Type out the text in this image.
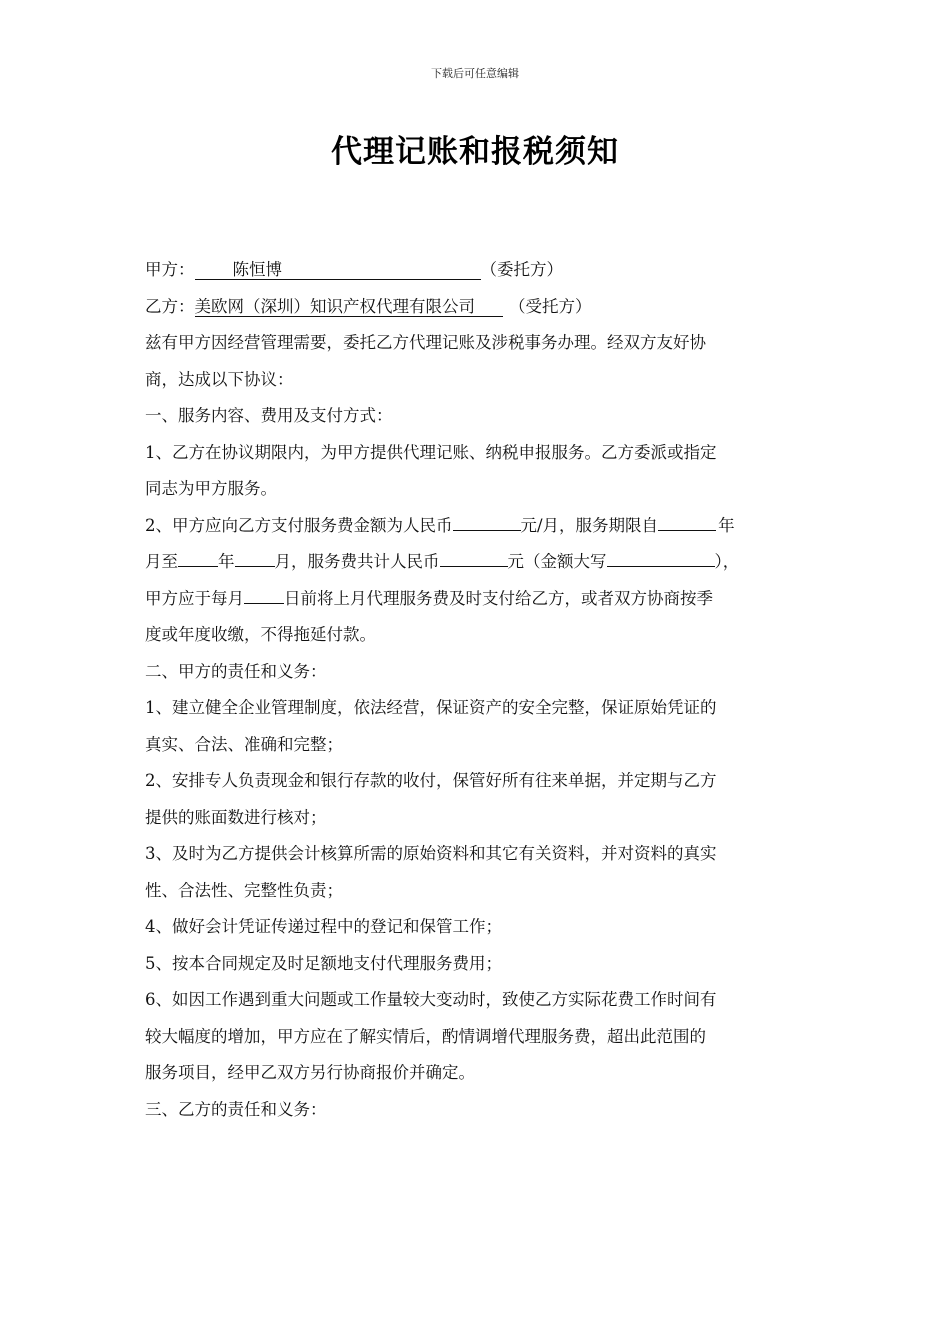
下载后可任意编辑
代理记账和报税须知
甲方： 陈恒博	（委托方）
乙方：美欧网（深圳）知识产权代理有限公司 （受托方）
兹有甲方因经营管理需要，委托乙方代理记账及涉税事务办理。经双方友好协
商，达成以下协议：
一、服务内容、费用及支付方式：
1、乙方在协议期限内，为甲方提供代理记账、纳税申报服务。乙方委派或指定
同志为甲方服务。
2、甲方应向乙方支付服务费金额为人民币	元/月，服务期限自	年
月至 年 月，服务费共计人民币	元（金额大写	），
甲方应于每月 日前将上月代理服务费及时支付给乙方，或者双方协商按季
度或年度收缴，不得拖延付款。
二、甲方的责任和义务：
1、建立健全企业管理制度，依法经营，保证资产的安全完整，保证原始凭证的
真实、合法、准确和完整；
2、安排专人负责现金和银行存款的收付，保管好所有往来单据，并定期与乙方
提供的账面数进行核对；
3、及时为乙方提供会计核算所需的原始资料和其它有关资料，并对资料的真实
性、合法性、完整性负责；
4、做好会计凭证传递过程中的登记和保管工作；
5、按本合同规定及时足额地支付代理服务费用；
6、如因工作遇到重大问题或工作量较大变动时，致使乙方实际花费工作时间有
较大幅度的增加，甲方应在了解实情后，酌情调增代理服务费，超出此范围的
服务项目，经甲乙双方另行协商报价并确定。
三、乙方的责任和义务：
